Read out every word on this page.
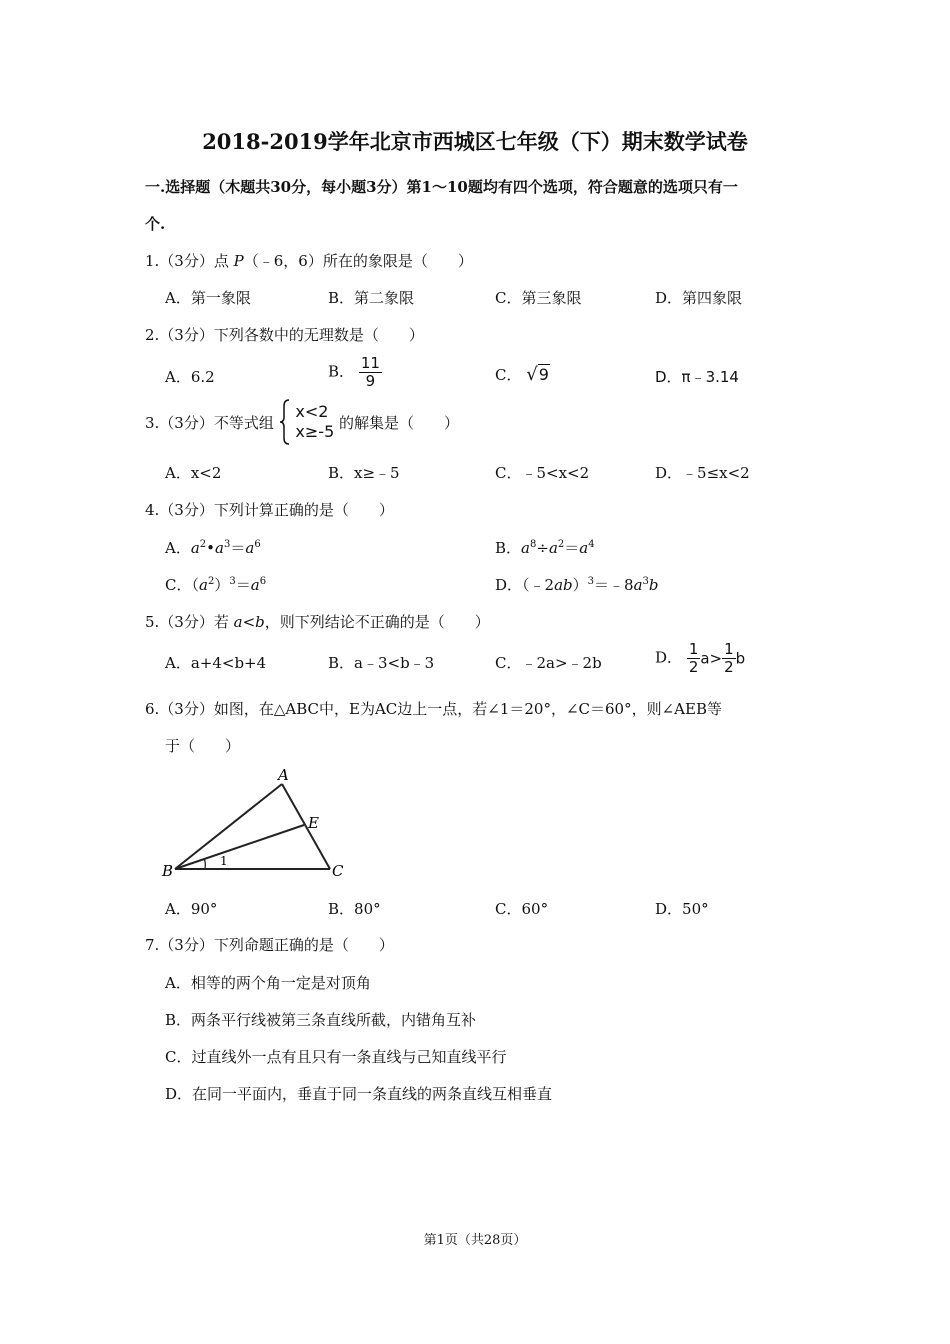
2018-2019学年北京市西城区七年级（下）期末数学试卷
一.选择题（木题共30分，每小题3分）第1～10题均有四个选项，符合题意的选项只有一
个.
1.（3分）点 P（﹣6，6）所在的象限是（　　）
A．第一象限	B．第二象限	C．第三象限	D．第四象限
2.（3分）下列各数中的无理数是（　　）
A．6.2	B． $\frac{11}{9}$	C． √9	D．π﹣3.14
3.（3分）不等式组
x<2
x≥-5 的解集是（　　）
A．x<2	B．x≥﹣5	C．﹣5<x<2	D．﹣5≤x<2
4.（3分）下列计算正确的是（　　）
A．$a^2•a^3=a^6$	B．$a^8\div a^2=a^4$
C．$(a^2)^3=a^6$	D．$(﹣2ab)^3=﹣8a^3b$
5.（3分）若 a<b，则下列结论不正确的是（　　）
A．a+4<b+4	B．a﹣3<b﹣3	C．﹣2a>﹣2b	D． $\frac{1}{2} a> \frac{1}{2}$ b
6.（3分）如图，在△ABC中，E为AC边上一点，若∠1＝20°，∠C＝60°，则∠AEB等
于（　　）
A
B	C
E
1
A．90°	B．80°	C．60°	D．50°
7.（3分）下列命题正确的是（　　）
A．相等的两个角一定是对顶角
B．两条平行线被第三条直线所截，内错角互补
C．过直线外一点有且只有一条直线与己知直线平行
D．在同一平面内，垂直于同一条直线的两条直线互相垂直
第1页（共28页）
